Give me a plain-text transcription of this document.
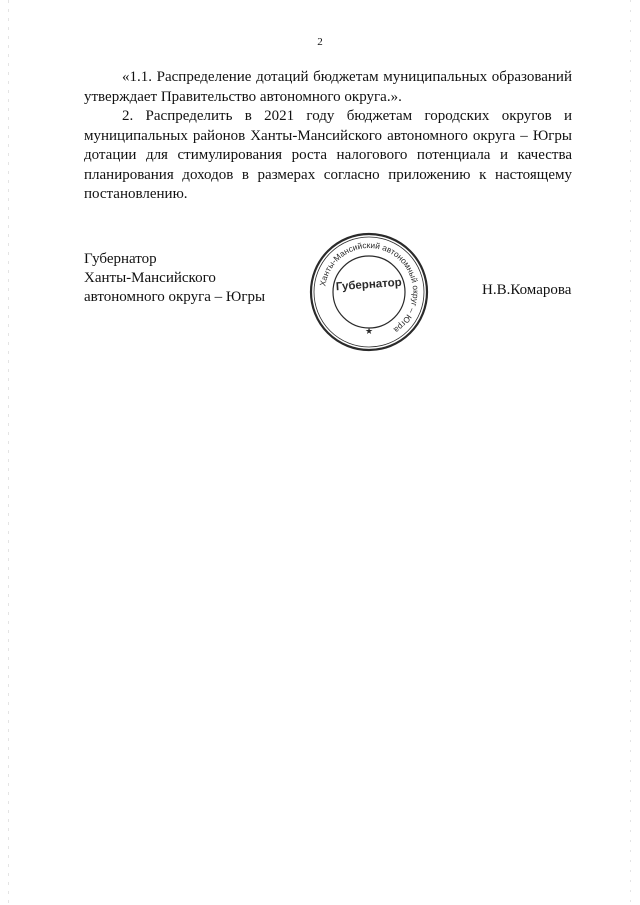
2

«1.1. Распределение дотаций бюджетам муниципальных образований утверждает Правительство автономного округа.».

2. Распределить в 2021 году бюджетам городских округов и муниципальных районов Ханты-Мансийского автономного округа – Югры дотации для стимулирования роста налогового потенциала и качества планирования доходов в размерах согласно приложению к настоящему постановлению.

Губернатор
Ханты-Мансийского
автономного округа – Югры
Ханты-Мансийский автономный округ – Югра
Губернатор
★
Н.В.Комарова
